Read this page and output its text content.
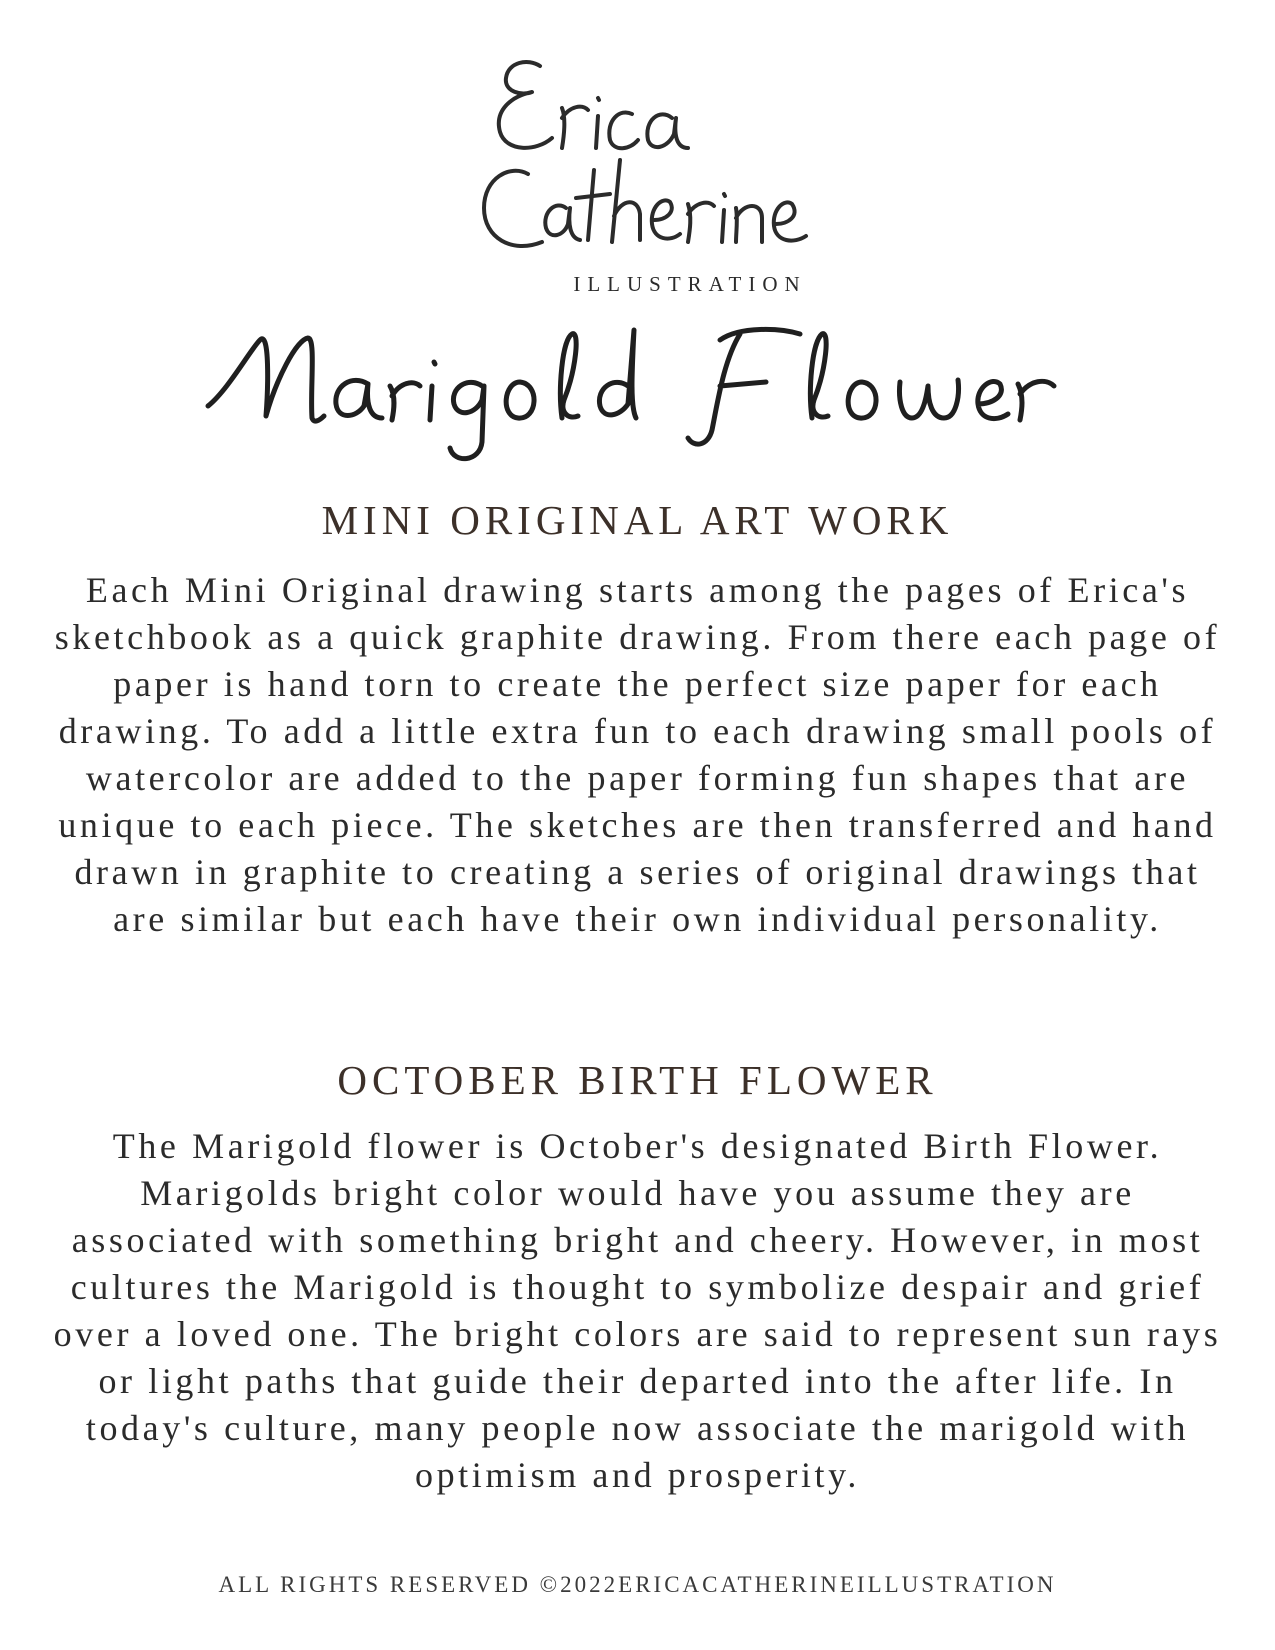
ILLUSTRATION
MINI ORIGINAL ART WORK

Each Mini Original drawing starts among the pages of Erica's sketchbook as a quick graphite drawing. From there each page of paper is hand torn to create the perfect size paper for each drawing. To add a little extra fun to each drawing small pools of watercolor are added to the paper forming fun shapes that are unique to each piece. The sketches are then transferred and hand drawn in graphite to creating a series of original drawings that are similar but each have their own individual personality.

OCTOBER BIRTH FLOWER

The Marigold flower is October's designated Birth Flower. Marigolds bright color would have you assume they are associated with something bright and cheery. However, in most cultures the Marigold is thought to symbolize despair and grief over a loved one. The bright colors are said to represent sun rays or light paths that guide their departed into the after life. In today's culture, many people now associate the marigold with optimism and prosperity.

ALL RIGHTS RESERVED ©2022ERICACATHERINEILLUSTRATION
